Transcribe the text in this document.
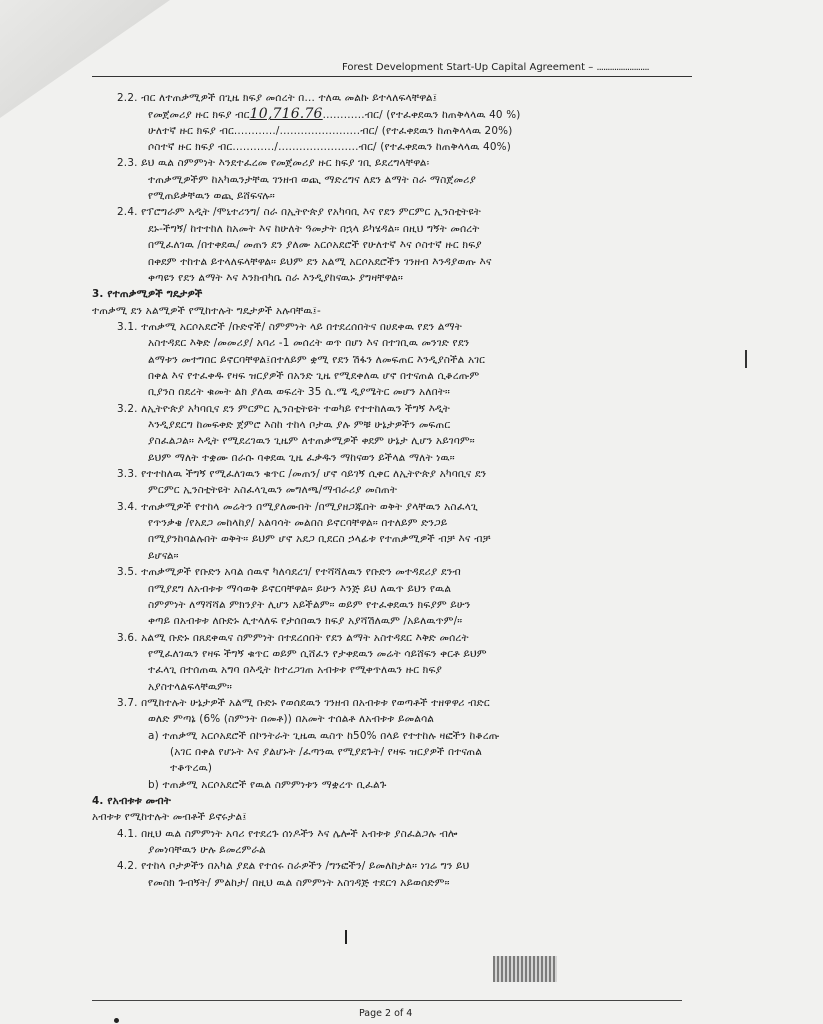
Forest Development Start-Up Capital Agreement – ........................
2.2. ብር ለተጠቃሚዎች በጊዜ ክፍያ መሰረት በ... ተለዉ መልኩ ይተላለፍላቸዋል፤
የመጀመሪያ ዙር ክፍያ ብር10,716.76............ብር/ (የተፈቀደዉን ከጠቅላላዉ 40 %)
ሁለተኛ ዙር ክፍያ ብር............/.......................ብር/ (የተፈቀደዉን ከጠቅላላዉ 20%)
ሶስተኛ ዙር ክፍያ ብር............/.......................ብር/ (የተፈቀደዉን ከጠቅላላዉ 40%)
2.3. ይህ ዉል ስምምነት እንደተፈረመ የመጀመሪያ ዙር ክፍያ ገቢ ይደረግላቸዋል፡
ተጠቃሚዎችም ከአካዉንታቸዉ ገንዘብ ወጪ ማድረግና ለደን ልማት ስራ ማስጀመሪያ
የሚጠይቃቸዉን ወጪ ይሸፍናሉ።
2.4. የፕሮግራም አዲት /ሞኒተሪንግ/ ስራ በኢትዮጵያ የአካባቢ እና የደን ምርምር ኢንስቲትዩት
ደኑ-ችግኝ/ ከተተከለ ከአመት እና ከሁለት ዓመታት በኋላ ይካሄዳል። በዚህ ግኝት መሰረት
በሚፈለገዉ /በተቀደዉ/ መጠን ደን ያለሙ አርሶአደሮች የሁለተኛ እና ሶስተኛ ዙር ክፍያ
በቀደም ተከተል ይተላለፍላቸዋል። ይህም ደን አልሚ አርሶአደሮችን ገንዘብ እንዳያወጡ እና
ቀጣዩን የደን ልማት እና እንክብካቤ ስራ እንዲያከናዉኑ ያግዛቸዋል።
3. የተጠቃሚዎች ግዴታዎች
ተጠቃሚ ደን አልሚዎች የሚከተሉት ግዴታዎች አሉባቸዉ፤-
3.1. ተጠቃሚ አርሶአደሮች /ቡድኖች/ ስምምነት ላይ በተደረሰበትና በሀደቀዉ የደን ልማት
አስተዳደር እቅድ /መመሪያ/ አባሪ -1 መሰረት ወጥ በሆነ እና በተገቢዉ መንገድ የደን
ልማቱን መተግበር ይኖርባቸዋል፤በተለይም ቋሚ የደን ሽፋን ለመፍጠር እንዲያስችል አገር
በቀል እና የተፈቀዱ የዛፍ ዝርያዎች በአንድ ጊዜ የሚደቀለዉ ሆኖ በተናጠል ሲቆረጡም
ቢያንስ በደረት ቁመት ልክ ያለዉ ወፍረት 35 ሴ.ሜ ዲያሜትር መሆን አለበት።
3.2. ለኢትዮጵያ አካባቢና ደን ምርምር ኢንስቲትዩት ተወካይ የተተከለዉን ችግኝ እዲት
እንዲያደርግ ከመፍቀድ ጀምሮ እስከ ተከላ ቦታዉ ያሉ ምቹ ሁኔታዎችን መፍጠር
ያስፈልጋል። እዲት የሚደረገዉን ጊዜም ለተጠቃሚዎች ቀደም ሁኔታ ሊሆን አይገባም።
ይህም ማለት ተቋሙ በራሱ ባቀደዉ ጊዜ ፈቃዱን ማከናወን ይችላል ማለት ነዉ።
3.3. የተተከለዉ ችግኝ የሚፈለገዉን ቁጥር /መጠን/ ሆኖ ሳይገኝ ሲቀር ለኢትዮጵያ አካባቢና ደን
ምርምር ኢንስቲትዩት አስፈላጊዉን መግለጫ/ማብራሪያ መስጠት
3.4. ተጠቃሚዎች የተከላ መሬትን በሚያለሙበት /በሚያዘጋጁበት ወቅት ያላቸዉን አስፈላጊ
የጥንቃቄ /የአደጋ መከላከያ/ አልባሳት መልበስ ይኖርባቸዋል። በተለይም ድንጋይ
በሚያንከባልሉበት ወቅት። ይህም ሆኖ አደጋ ቢደርስ ኃላፊቱ የተጠቃሚዎች ብቻ እና ብቻ
ይሆናል።
3.5. ተጠቃሚዎች የቡድን አባል ሰዉኖ ካለሳደረገ/ የተሻሻለዉን የቡድን መተዳደሪያ ደንብ
በሚያደግ ለአብቱቱ ማሳወቅ ይኖርባቸዋል። ይሁን እንጅ ይህ ለዉጥ ይህን የዉል
ስምምነት ለማሻሻል ምክንያት ሊሆን አይችልም። ወይም የተፈቀደዉን ክፍያም ይሁን
ቀጣይ በአብቱቱ ለቡድኑ ሊተላለፍ የታሰበዉን ክፍያ አያሻሽለዉም /አይለዉጥም/።
3.6. አልሚ ቡድኑ በጸደቀዉና ስምምነት በተደረሰበት የደን ልማት አስተዳደር እቅድ መሰረት
የሚፈለገዉን የዛፍ ችግኝ ቁጥር ወይም ሲሸፈን የታቀደዉን መሬት ሳይሸፍን ቀርቶ ይህም
ተፈላጊ በተሰጠዉ አግባ በእዲት ከተረጋገጠ አብቱቱ የሚቀጥለዉን ዙር ክፍያ
አያስተላልፍላቸዉም።
3.7. በሚከተሉት ሁኔታዎች አልሚ ቡድኑ የወሰደዉን ገንዘብ በአብቱቱ የወጣቶች ተዘዋዋሪ ብድር
ወለድ ምጣኔ (6% (ስምንት በመቶ)) በአመት ተሰልቶ ለአብቱቱ ይመልሳል
a) ተጠቃሚ አርሶአደሮች በኮንትራት ጊዜዉ ዉስጥ ከ50% በላይ የተተከሉ ዛፎችን ከቆረጡ
(አገር በቀል የሆኑት እና ያልሆኑት /ፈጣንዉ የሚያደጉት/ የዛፍ ዝርያዎች በተናጠል
ተቆጥረዉ)
b) ተጠቃሚ አርሶአደሮች የዉል ስምምነቱን ማቋረጥ ቢፈልጉ
4. የአብቱቱ መብት
አብቱቱ የሚከተሉት መብቶች ይኖሩታል፤
4.1. በዚህ ዉል ስምምነት አባሪ የተደረጉ ሰነዶችን እና ሌሎች አብቱቱ ያስፈልጋሉ ብሎ
ያመነባቸዉን ሁሉ ይመረምራል
4.2. የተከላ ቦታዎችን በአካል ያደል የተሰሩ ስራዎችን /ግንፎችን/ ይመለከታል። ነገሬ ግን ይህ
የመስክ ጉብኝት/ ምልከታ/ በዚህ ዉል ስምምነት አስገዳጅ ተደርጎ አይወሰድም።
Page 2 of 4
